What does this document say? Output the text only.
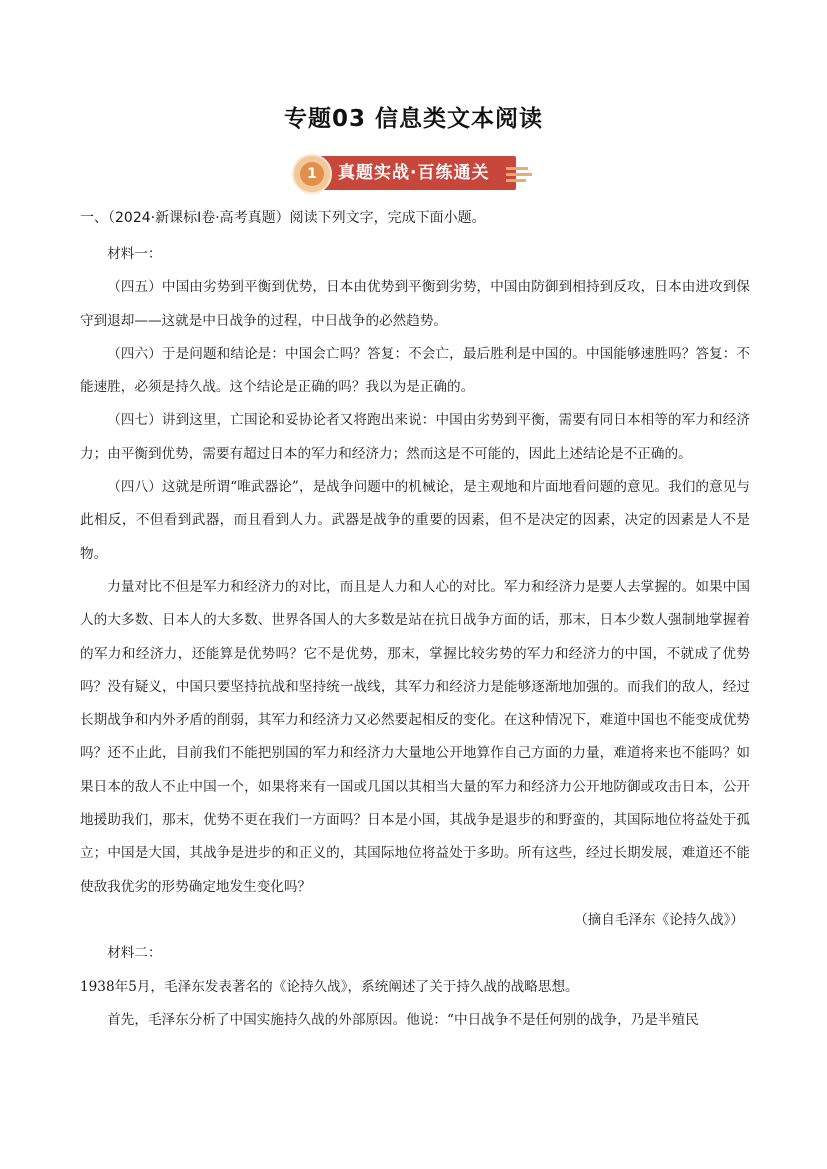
专题03 信息类文本阅读
1	真题实战·百练通关
一、（2024·新课标Ⅰ卷·高考真题）阅读下列文字，完成下面小题。

材料一：

（四五）中国由劣势到平衡到优势，日本由优势到平衡到劣势，中国由防御到相持到反攻，日本由进攻到保守到退却——这就是中日战争的过程，中日战争的必然趋势。

（四六）于是问题和结论是：中国会亡吗？答复：不会亡，最后胜利是中国的。中国能够速胜吗？答复：不能速胜，必须是持久战。这个结论是正确的吗？我以为是正确的。

（四七）讲到这里，亡国论和妥协论者又将跑出来说：中国由劣势到平衡，需要有同日本相等的军力和经济力；由平衡到优势，需要有超过日本的军力和经济力；然而这是不可能的，因此上述结论是不正确的。

（四八）这就是所谓“唯武器论”，是战争问题中的机械论，是主观地和片面地看问题的意见。我们的意见与此相反，不但看到武器，而且看到人力。武器是战争的重要的因素，但不是决定的因素，决定的因素是人不是物。

力量对比不但是军力和经济力的对比，而且是人力和人心的对比。军力和经济力是要人去掌握的。如果中国人的大多数、日本人的大多数、世界各国人的大多数是站在抗日战争方面的话，那末，日本少数人强制地掌握着的军力和经济力，还能算是优势吗？它不是优势，那末，掌握比较劣势的军力和经济力的中国，不就成了优势吗？没有疑义，中国只要坚持抗战和坚持统一战线，其军力和经济力是能够逐渐地加强的。而我们的敌人，经过长期战争和内外矛盾的削弱，其军力和经济力又必然要起相反的变化。在这种情况下，难道中国也不能变成优势吗？还不止此，目前我们不能把别国的军力和经济力大量地公开地算作自己方面的力量，难道将来也不能吗？如果日本的敌人不止中国一个，如果将来有一国或几国以其相当大量的军力和经济力公开地防御或攻击日本，公开地援助我们，那末，优势不更在我们一方面吗？日本是小国，其战争是退步的和野蛮的，其国际地位将益处于孤立；中国是大国，其战争是进步的和正义的，其国际地位将益处于多助。所有这些，经过长期发展，难道还不能使敌我优劣的形势确定地发生变化吗？

（摘自毛泽东《论持久战》）

材料二：

1938年5月，毛泽东发表著名的《论持久战》，系统阐述了关于持久战的战略思想。

首先，毛泽东分析了中国实施持久战的外部原因。他说：“中日战争不是任何别的战争，乃是半殖民
